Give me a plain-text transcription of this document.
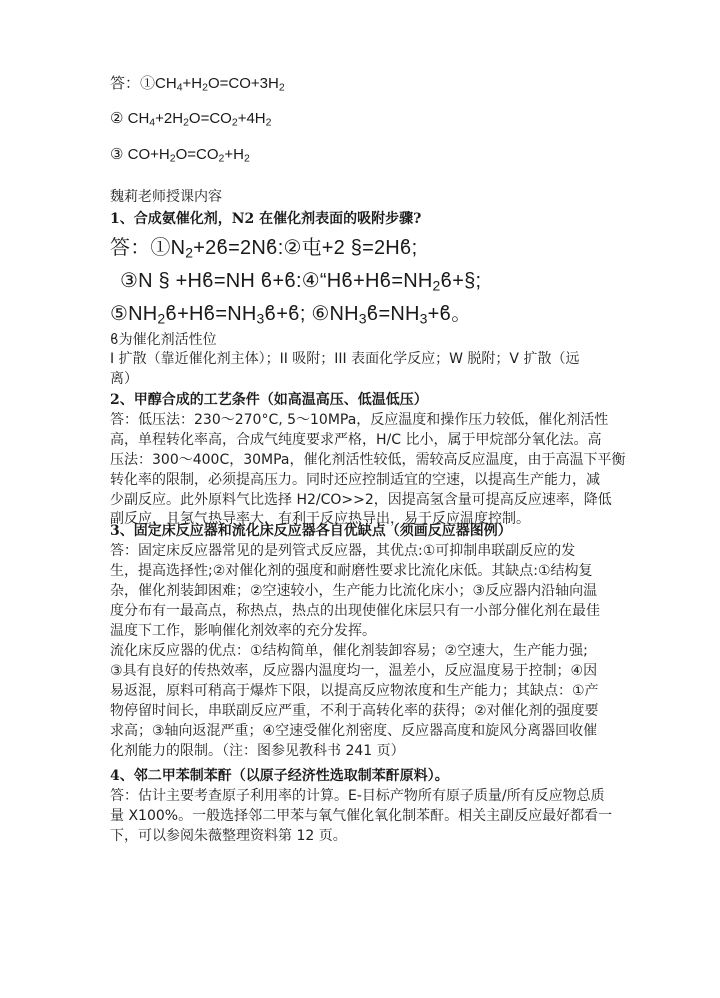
答：$①CH_4+H_2O=CO+3H_2$
② $CH_4+2H_2O=CO_2+4H_2$
③ $CO+H_2O=CO_2+H_2$
魏莉老师授课内容
1、合成氨催化剂，N2 在催化剂表面的吸附步骤?
答：$①N_2+2ϐ=2Nϐ:②$屯+2 §=2Hϐ;
③N § +Hϐ=NH $ϐ+ϐ:④“Hϐ+Hϐ=NH_2ϐ+\S$;
$⑤NH_2ϐ+Hϐ=NH_3ϐ+ϐ$; $⑥NH_3ϐ=NH_3+ϐ$。
ϐ为催化剂活性位
I 扩散（靠近催化剂主体）；II 吸附；III 表面化学反应；W 脱附；V 扩散（远
离）
2、甲醇合成的工艺条件（如高温高压、低温低压）
答：低压法：230〜270°C, 5〜10MPa，反应温度和操作压力较低，催化剂活性
高，单程转化率高，合成气纯度要求严格，H/C 比小，属于甲烷部分氧化法。高
压法：300〜400C，30MPa，催化剂活性较低，需较高反应温度，由于高温下平衡
转化率的限制，必须提高压力。同时还应控制适宜的空速，以提高生产能力，减
少副反应。此外原料气比选择 H2/CO>>2，因提高氢含量可提高反应速率，降低
副反应，且氢气热导率大，有利于反应热导出，易于反应温度控制。
3、固定床反应器和流化床反应器各自优缺点（须画反应器图例）
答：固定床反应器常见的是列管式反应器，其优点:①可抑制串联副反应的发
生，提高选择性;②对催化剂的强度和耐磨性要求比流化床低。其缺点:①结构复
杂，催化剂装卸困难；②空速较小，生产能力比流化床小；③反应器内沿轴向温
度分布有一最高点，称热点，热点的出现使催化床层只有一小部分催化剂在最佳
温度下工作，影响催化剂效率的充分发挥。
流化床反应器的优点：①结构简单，催化剂装卸容易；②空速大，生产能力强;
③具有良好的传热效率，反应器内温度均一，温差小，反应温度易于控制；④因
易返混，原料可稍高于爆炸下限，以提高反应物浓度和生产能力；其缺点：①产
物停留时间长，串联副反应严重，不利于高转化率的获得；②对催化剂的强度要
求高；③轴向返混严重；④空速受催化剂密度、反应器高度和旋风分离器回收催
化剂能力的限制。（注：图参见教科书 241 页）
4、邻二甲苯制苯酐（以原子经济性选取制苯酐原料）。
答：估计主要考查原子利用率的计算。E-目标产物所有原子质量/所有反应物总质
量 X100%。一般选择邻二甲苯与氧气催化氧化制苯酐。相关主副反应最好都看一
下，可以参阅朱薇整理资料第 12 页。
